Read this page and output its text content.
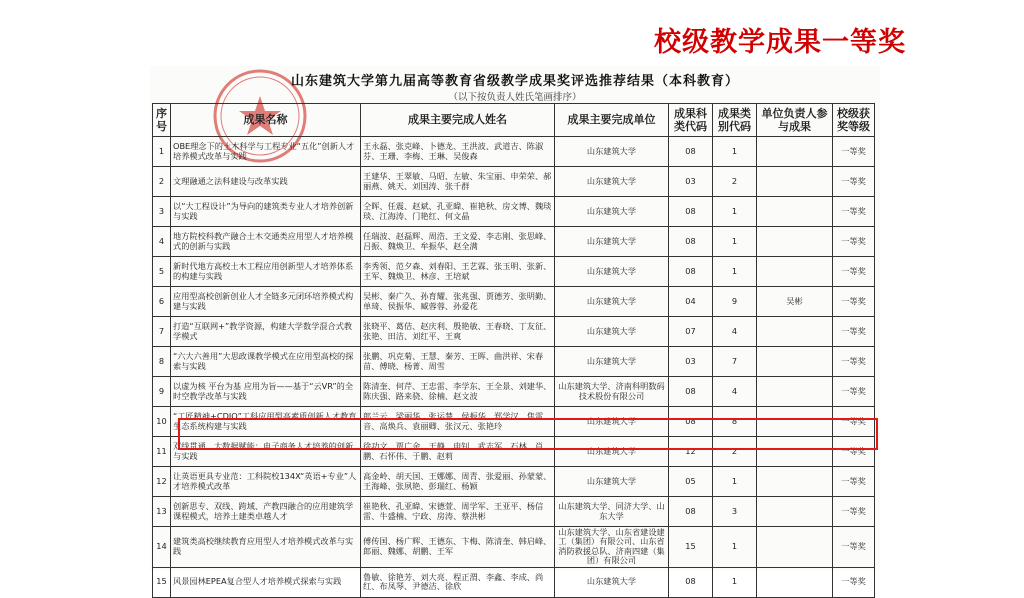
校级教学成果一等奖
山东建筑大学第九届高等教育省级教学成果奖评选推荐结果（本科教育）
（以下按负责人姓氏笔画排序）
序号	成果名称	成果主要完成人姓名	成果主要完成单位	成果科类代码	成果类别代码	单位负责人参与成果	校级获奖等级
1	OBE理念下的土木科学与工程专业“五化”创新人才培养模式改革与实践	王永磊、张克峰、卜德龙、王洪波、武道吉、陈淑芬、王珊、李梅、王琳、吴俊森	山东建筑大学	08	1		一等奖
2	文理融通之法科建设与改革实践	王建华、王翠敏、马昭、左敏、朱宝丽、申荣荣、郝丽燕、姚天、刘国涛、张千群	山东建筑大学	03	2		一等奖
3	以“大工程设计”为导向的建筑类专业人才培养创新与实践	仝晖、任震、赵斌、孔亚暐、崔艳秋、房文博、魏琰琰、江海涛、门艳红、何文晶	山东建筑大学	08	1		一等奖
4	地方院校科教产融合土木交通类应用型人才培养模式的创新与实践	任瑞波、赵磊辉、周浩、王文爱、李志刚、张思峰、吕振、魏焕卫、牟振华、赵全满	山东建筑大学	08	1		一等奖
5	新时代地方高校土木工程应用创新型人才培养体系的构建与实践	李秀领、范夕森、刘春阳、王艺霖、张玉明、张新、王军、魏焕卫、林彦、王培斌	山东建筑大学	08	1		一等奖
6	应用型高校创新创业人才全链多元闭环培养模式构建与实践	吴彬、秦广久、孙育耀、张兆强、贾德芳、张明勤、单琦、侯振华、臧蓉蓉、孙爱花	山东建筑大学	04	9	吴彬	一等奖
7	打造“互联网+”教学资源，构建大学数学混合式教学模式	张晓平、葛佶、赵庆利、殷艳敏、王春晓、丁友征、张艳、田洁、刘红平、王爽	山东建筑大学	07	4		一等奖
8	“六大六善用”大思政课教学模式在应用型高校的探索与实践	张鹏、巩克菊、王慧、秦芳、王晖、曲洪祥、宋春苗、傅晓、杨菁、周雪	山东建筑大学	03	7		一等奖
9	以虚为核 平台为基 应用为旨——基于“云VR”的全时空教学改革与实践	陈清奎、何芹、王忠雷、李学东、王全景、刘建华、陈庆强、路来骁、徐楠、赵文波	山东建筑大学、济南科明数码技术股份有限公司	08	4		一等奖
10	“工匠精神+CDIO”工科应用型高素质创新人才教育生态系统构建与实践	郎兰云、梁丽华、张运楚、侯振华、郑学汉、焦雷音、高焕兵、袁丽卿、张汉元、张艳玲	山东建筑大学	08	8		一等奖
11	双线贯通、大数据赋能：电子商务人才培养的创新与实践	徐功文、贾广余、王静、申钊、武志军、石林、肖鹏、石怀伟、于鹏、赵莉	山东建筑大学	12	2		一等奖
12	让英语更具专业范：工科院校134X“英语+专业”人才培养模式改革	高金岭、胡天国、王娜娜、周青、张爱丽、孙蒙蒙、王海峰、张夙艳、彭瑞红、杨颖	山东建筑大学	05	1		一等奖
13	创新思专、双线、跨域、产教四融合的应用建筑学课程模式，培养土建类卓越人才	崔艳秋、孔亚暐、宋德萱、周学军、王亚平、杨信雷、牛盛楠、宁政、房涛、蔡洪彬	山东建筑大学、同济大学、山东大学	08	3		一等奖
14	建筑类高校继续教育应用型人才培养模式改革与实践	傅传国、杨广辉、王德东、卞梅、陈清奎、韩启峰、郎丽、魏娜、胡鹏、王军	山东建筑大学、山东省建设建工（集团）有限公司、山东省消防救援总队、济南四建（集团）有限公司	15	1		一等奖
15	风景园林EPEA复合型人才培养模式探索与实践	鲁敏、徐艳芳、刘大亮、程正渭、李鑫、李成、尚红、布凤琴、尹德洁、徐欣	山东建筑大学	08	1		一等奖
